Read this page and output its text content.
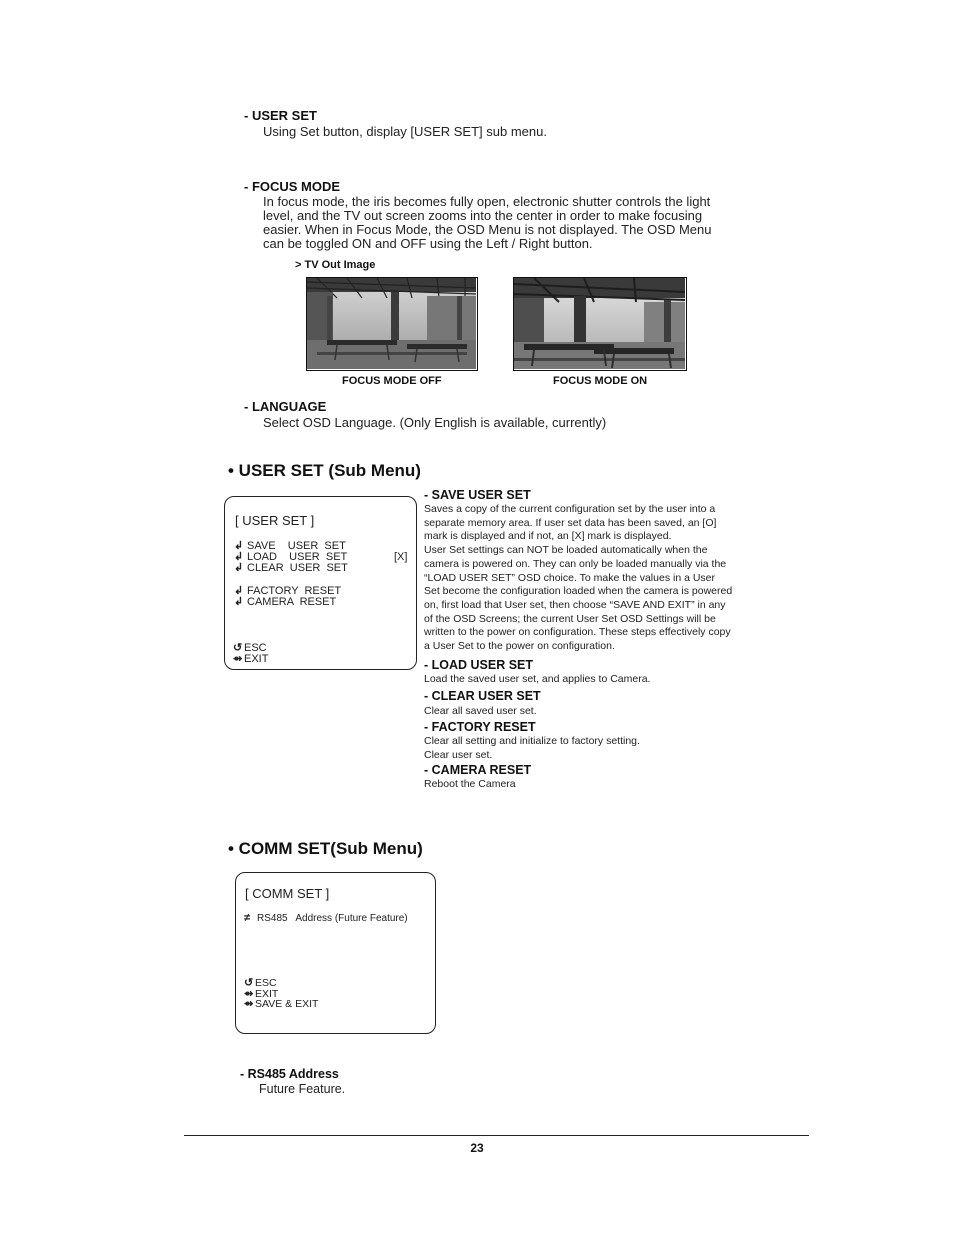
- USER SET
Using Set button, display [USER SET] sub menu.
- FOCUS MODE
In focus mode, the iris becomes fully open, electronic shutter controls the light
level, and the TV out screen zooms into the center in order to make focusing
easier. When in Focus Mode, the OSD Menu is not displayed. The OSD Menu
can be toggled ON and OFF using the Left / Right button.
> TV Out Image
FOCUS MODE OFF	FOCUS MODE ON
- LANGUAGE
Select OSD Language. (Only English is available, currently)
• USER SET (Sub Menu)
[ USER SET ]
↲ SAVE    USER  SET
↲ LOAD    USER  SET	[X]
↲ CLEAR  USER  SET
↲ FACTORY  RESET
↲ CAMERA  RESET
↺ ESC
⇴ EXIT
- SAVE USER SET
Saves a copy of the current configuration set by the user into a
separate memory area. If user set data has been saved, an [O]
mark is displayed and if not, an [X] mark is displayed.
User Set settings can NOT be loaded automatically when the
camera is powered on. They can only be loaded manually via the
“LOAD USER SET” OSD choice. To make the values in a User
Set become the configuration loaded when the camera is powered
on, first load that User set, then choose “SAVE AND EXIT” in any
of the OSD Screens; the current User Set OSD Settings will be
written to the power on configuration. These steps effectively copy
a User Set to the power on configuration.
- LOAD USER SET
Load the saved user set, and applies to Camera.
- CLEAR USER SET
Clear all saved user set.
- FACTORY RESET
Clear all setting and initialize to factory setting.
Clear user set.
- CAMERA RESET
Reboot the Camera
• COMM SET(Sub Menu)
[ COMM SET ]
≠ RS485   Address (Future Feature)
↺ ESC
⇴ EXIT
⇴ SAVE & EXIT
- RS485 Address
Future Feature.
23
